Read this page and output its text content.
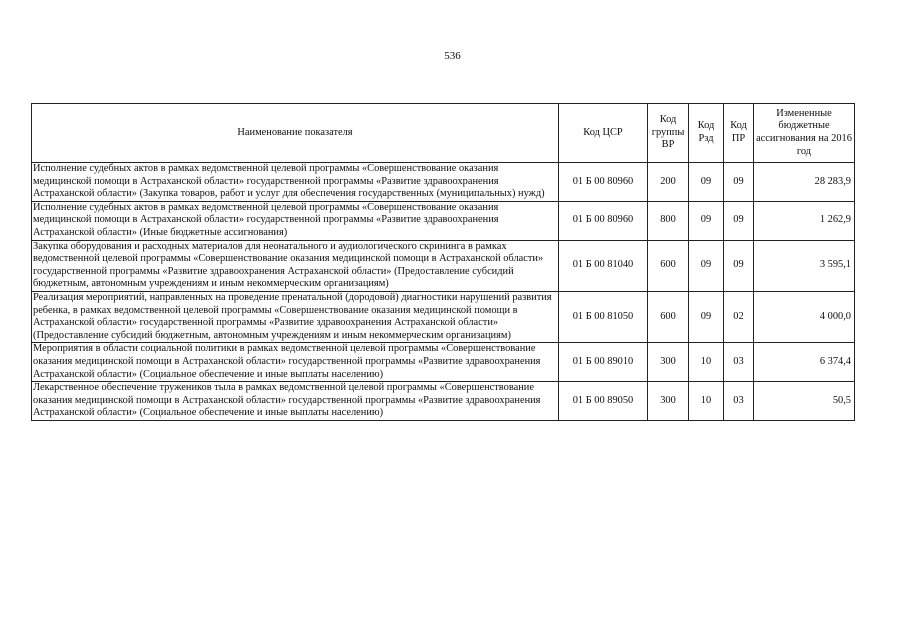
536
Наименование показателя	Код ЦСР	Код группы ВР	Код Рзд	Код ПР	Измененные бюджетные ассигнования на 2016 год
Исполнение судебных актов в рамках ведомственной целевой программы «Совершенствование оказания медицинской помощи в Астраханской области» государственной программы «Развитие здравоохранения Астраханской области» (Закупка товаров, работ и услуг для обеспечения государственных (муниципальных) нужд)	01 Б 00 80960	200	09	09	28 283,9
Исполнение судебных актов в рамках ведомственной целевой программы «Совершенствование оказания медицинской помощи в Астраханской области» государственной программы «Развитие здравоохранения Астраханской области» (Иные бюджетные ассигнования)	01 Б 00 80960	800	09	09	1 262,9
Закупка оборудования и расходных материалов для неонатального и аудиологического скрининга в рамках ведомственной целевой программы «Совершенствование оказания медицинской помощи в Астраханской области» государственной программы «Развитие здравоохранения Астраханской области» (Предоставление субсидий бюджетным, автономным учреждениям и иным некоммерческим организациям)	01 Б 00 81040	600	09	09	3 595,1
Реализация мероприятий, направленных на проведение пренатальной (дородовой) диагностики нарушений развития ребенка, в рамках ведомственной целевой программы «Совершенствование оказания медицинской помощи в Астраханской области» государственной программы «Развитие здравоохранения Астраханской области» (Предоставление субсидий бюджетным, автономным учреждениям и иным некоммерческим организациям)	01 Б 00 81050	600	09	02	4 000,0
Мероприятия в области социальной политики в рамках ведомственной целевой программы «Совершенствование оказания медицинской помощи в Астраханской области» государственной программы «Развитие здравоохранения Астраханской области» (Социальное обеспечение и иные выплаты населению)	01 Б 00 89010	300	10	03	6 374,4
Лекарственное обеспечение тружеников тыла в рамках ведомственной целевой программы «Совершенствование оказания медицинской помощи в Астраханской области» государственной программы «Развитие здравоохранения Астраханской области» (Социальное обеспечение и иные выплаты населению)	01 Б 00 89050	300	10	03	50,5
